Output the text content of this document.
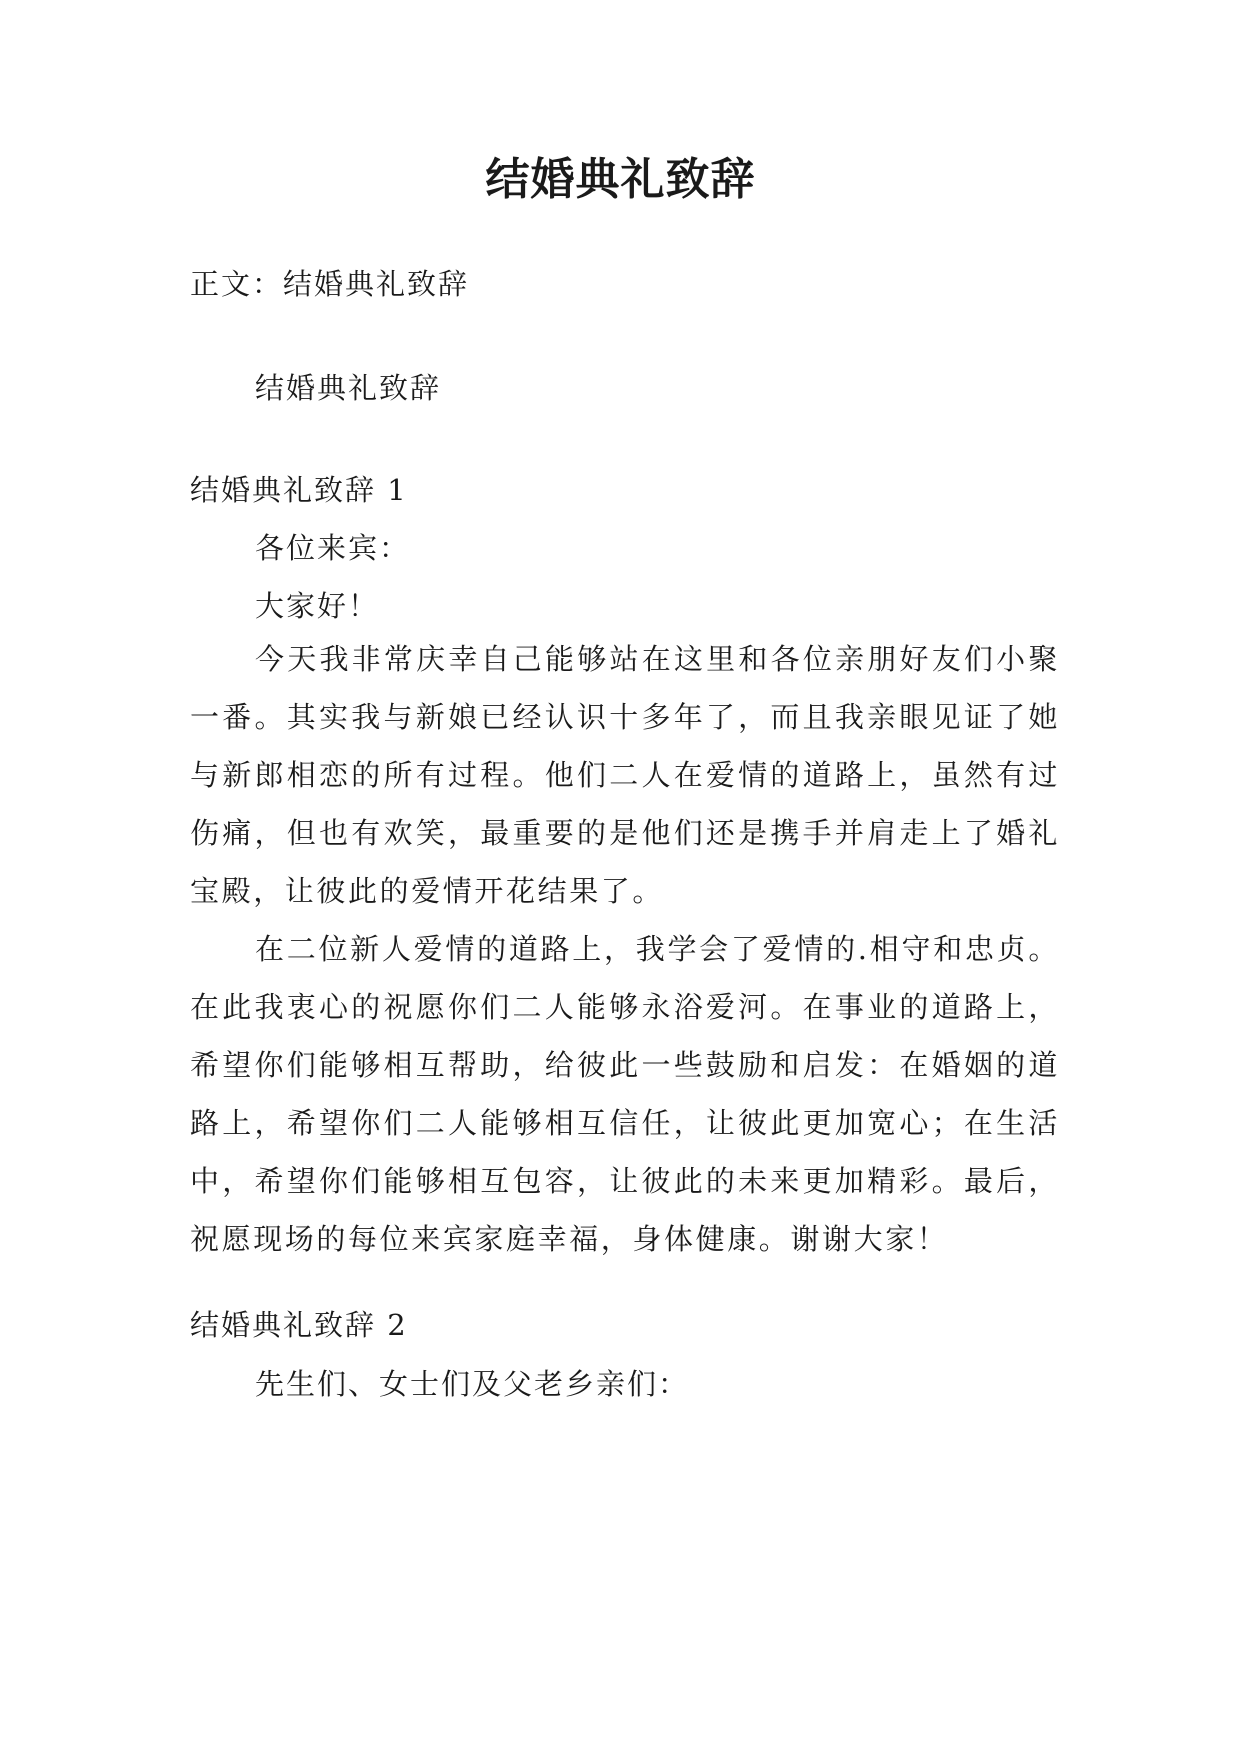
结婚典礼致辞
正文：结婚典礼致辞
结婚典礼致辞
结婚典礼致辞 1
各位来宾：
大家好！
今天我非常庆幸自己能够站在这里和各位亲朋好友们小聚一番。其实我与新娘已经认识十多年了，而且我亲眼见证了她与新郎相恋的所有过程。他们二人在爱情的道路上，虽然有过伤痛，但也有欢笑，最重要的是他们还是携手并肩走上了婚礼宝殿，让彼此的爱情开花结果了。
在二位新人爱情的道路上，我学会了爱情的.相守和忠贞。在此我衷心的祝愿你们二人能够永浴爱河。在事业的道路上，希望你们能够相互帮助，给彼此一些鼓励和启发：在婚姻的道路上，希望你们二人能够相互信任，让彼此更加宽心；在生活中，希望你们能够相互包容，让彼此的未来更加精彩。最后，祝愿现场的每位来宾家庭幸福，身体健康。谢谢大家！
结婚典礼致辞 2
先生们、女士们及父老乡亲们：
